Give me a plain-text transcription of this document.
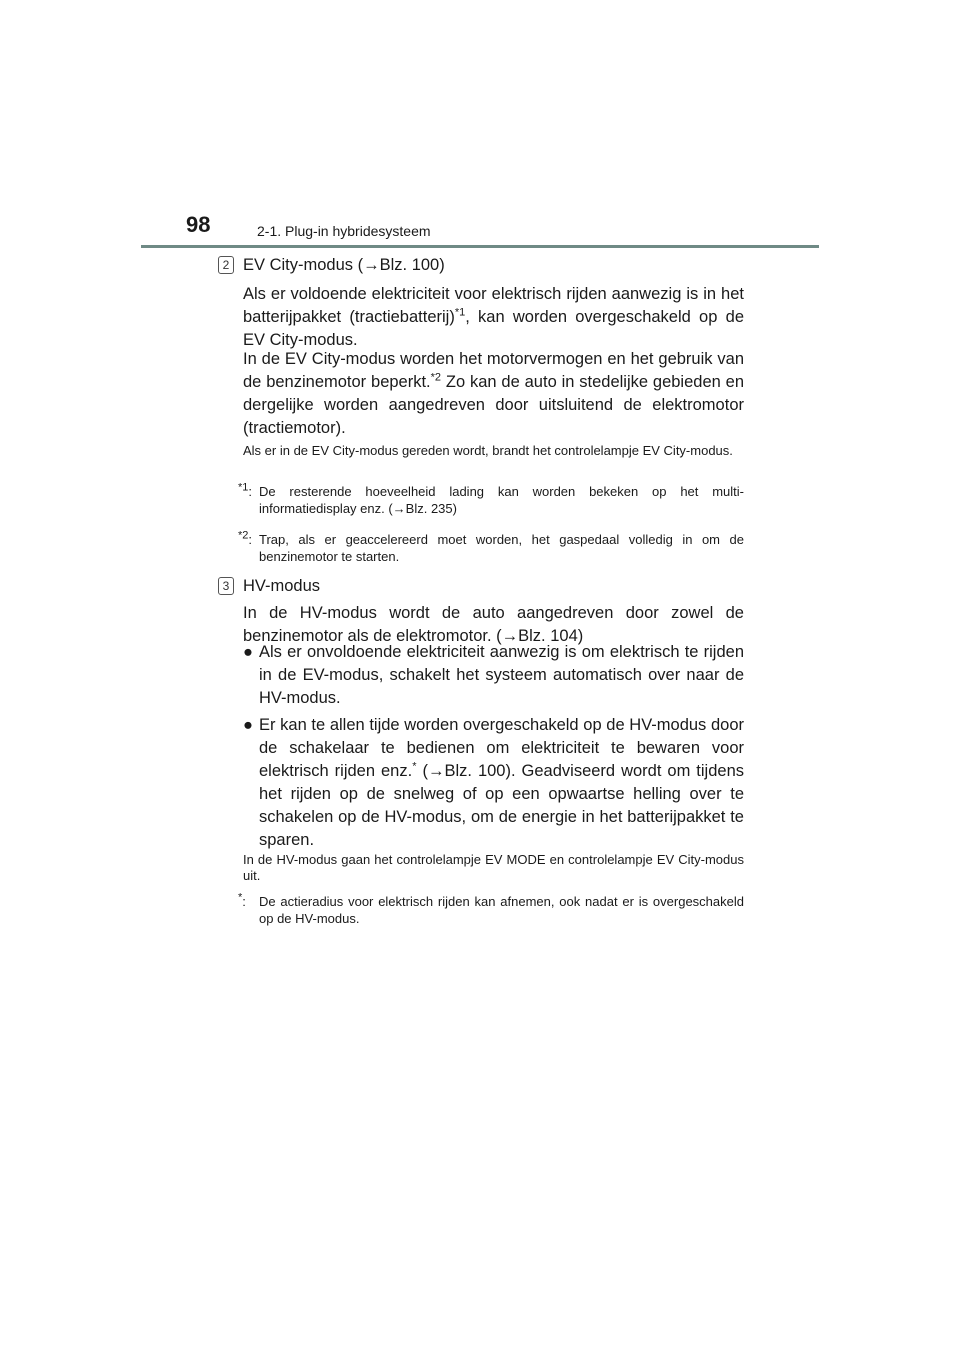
98	2-1. Plug-in hybridesysteem
2 EV City-modus (→Blz. 100)
Als er voldoende elektriciteit voor elektrisch rijden aanwezig is in het batterijpakket (tractiebatterij)$^{*1}$, kan worden overgeschakeld op de EV City-modus.
In de EV City-modus worden het motorvermogen en het gebruik van de benzinemotor beperkt.$^{*2}$ Zo kan de auto in stedelijke gebieden en dergelijke worden aangedreven door uitsluitend de elektromotor (tractiemotor).
Als er in de EV City-modus gereden wordt, brandt het controlelampje EV City-modus.
$^{*1}$: De resterende hoeveelheid lading kan worden bekeken op het multi-informatiedisplay enz. (→Blz. 235)
$^{*2}$: Trap, als er geaccelereerd moet worden, het gaspedaal volledig in om de benzinemotor te starten.
3 HV-modus
In de HV-modus wordt de auto aangedreven door zowel de benzinemotor als de elektromotor. (→Blz. 104)
● Als er onvoldoende elektriciteit aanwezig is om elektrisch te rijden in de EV-modus, schakelt het systeem automatisch over naar de HV-modus.
● Er kan te allen tijde worden overgeschakeld op de HV-modus door de schakelaar te bedienen om elektriciteit te bewaren voor elektrisch rijden enz.* (→Blz. 100). Geadviseerd wordt om tijdens het rijden op de snelweg of op een opwaartse helling over te schakelen op de HV-modus, om de energie in het batterijpakket te sparen.
In de HV-modus gaan het controlelampje EV MODE en controlelampje EV City-modus uit.
*:	De actieradius voor elektrisch rijden kan afnemen, ook nadat er is overgeschakeld op de HV-modus.
